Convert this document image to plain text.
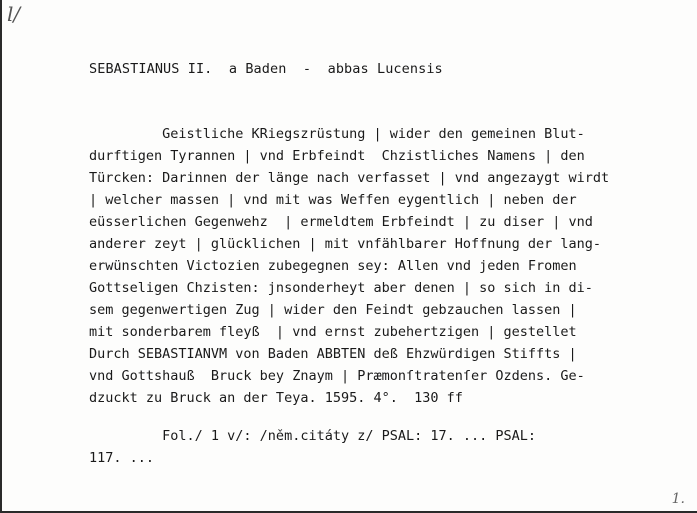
l/
SEBASTIANUS II.  a Baden  -  abbas Lucensis
Geistliche KRiegszrüstung | wider den gemeinen Blut-
durftigen Tyrannen | vnd Erbfeindt  Chzistliches Namens | den
Türcken: Darinnen der länge nach verfasset | vnd angezaygt wirdt
| welcher massen | vnd mit was Weffen eygentlich | neben der
eüsserlichen Gegenwehz  | ermeldtem Erbfeindt | zu diser | vnd
anderer zeyt | glücklichen | mit vnfählbarer Hoffnung der lang-
erwünschten Victozien zubegegnen sey: Allen vnd jeden Fromen
Gottseligen Chzisten: jnsonderheyt aber denen | so sich in di-
sem gegenwertigen Zug | wider den Feindt gebzauchen lassen |
mit sonderbarem fleyß  | vnd ernst zubehertzigen | gestellet
Durch SEBASTIANVM von Baden ABBTEN deß Ehzwürdigen Stiffts |
vnd Gottshauß  Bruck bey Znaym | Præmonſtratenſer Ozdens. Ge-
dzuckt zu Bruck an der Teya. 1595. 4°.  130 ff
Fol./ 1 v/: /něm.citáty z/ PSAL: 17. ... PSAL:
117. ...
1.
